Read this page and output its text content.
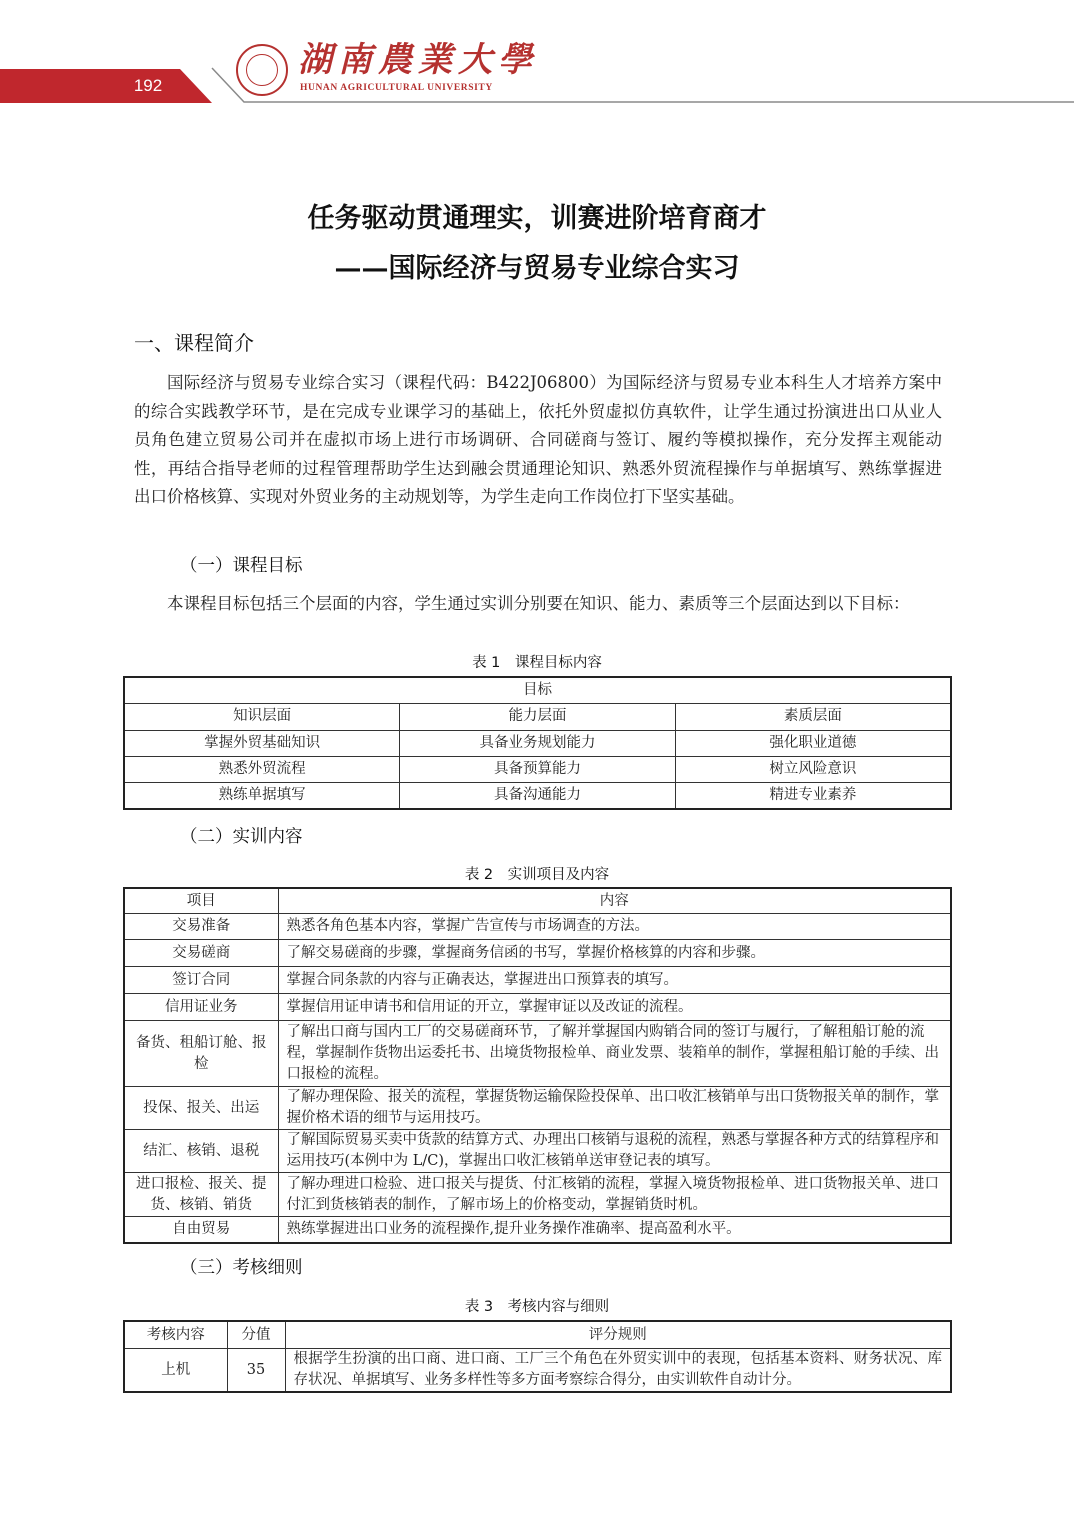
192
湖南農業大學
HUNAN AGRICULTURAL UNIVERSITY
任务驱动贯通理实，训赛进阶培育商才
——国际经济与贸易专业综合实习
一、课程简介
国际经济与贸易专业综合实习（课程代码：B422J06800）为国际经济与贸易专业本科生人才培养方案中的综合实践教学环节，是在完成专业课学习的基础上，依托外贸虚拟仿真软件，让学生通过扮演进出口从业人员角色建立贸易公司并在虚拟市场上进行市场调研、合同磋商与签订、履约等模拟操作，充分发挥主观能动性，再结合指导老师的过程管理帮助学生达到融会贯通理论知识、熟悉外贸流程操作与单据填写、熟练掌握进出口价格核算、实现对外贸业务的主动规划等，为学生走向工作岗位打下坚实基础。
（一）课程目标
本课程目标包括三个层面的内容，学生通过实训分别要在知识、能力、素质等三个层面达到以下目标：
表 1　课程目标内容
目标		
知识层面	能力层面	素质层面
掌握外贸基础知识	具备业务规划能力	强化职业道德
熟悉外贸流程	具备预算能力	树立风险意识
熟练单据填写	具备沟通能力	精进专业素养
（二）实训内容
表 2　实训项目及内容
项目	内容
交易准备	熟悉各角色基本内容，掌握广告宣传与市场调查的方法。
交易磋商	了解交易磋商的步骤，掌握商务信函的书写，掌握价格核算的内容和步骤。
签订合同	掌握合同条款的内容与正确表达，掌握进出口预算表的填写。
信用证业务	掌握信用证申请书和信用证的开立，掌握审证以及改证的流程。
备货、租船订舱、报检	了解出口商与国内工厂的交易磋商环节，了解并掌握国内购销合同的签订与履行，了解租船订舱的流程，掌握制作货物出运委托书、出境货物报检单、商业发票、装箱单的制作，掌握租船订舱的手续、出口报检的流程。
投保、报关、出运	了解办理保险、报关的流程，掌握货物运输保险投保单、出口收汇核销单与出口货物报关单的制作，掌握价格术语的细节与运用技巧。
结汇、核销、退税	了解国际贸易买卖中货款的结算方式、办理出口核销与退税的流程，熟悉与掌握各种方式的结算程序和运用技巧(本例中为 L/C)，掌握出口收汇核销单送审登记表的填写。
进口报检、报关、提货、核销、销货	了解办理进口检验、进口报关与提货、付汇核销的流程，掌握入境货物报检单、进口货物报关单、进口付汇到货核销表的制作，了解市场上的价格变动，掌握销货时机。
自由贸易	熟练掌握进出口业务的流程操作,提升业务操作准确率、提高盈利水平。
（三）考核细则
表 3　考核内容与细则
考核内容	分值	评分规则
上机	35	根据学生扮演的出口商、进口商、工厂三个角色在外贸实训中的表现，包括基本资料、财务状况、库存状况、单据填写、业务多样性等多方面考察综合得分，由实训软件自动计分。
